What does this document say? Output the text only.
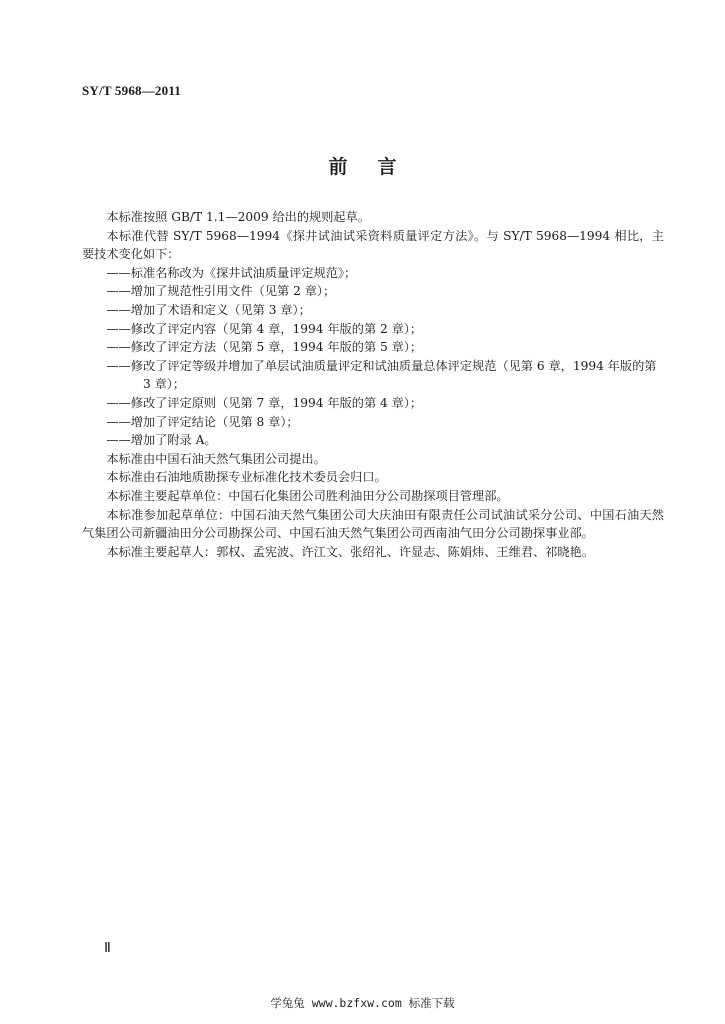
SY/T 5968—2011
前言

本标准按照 GB/T 1.1—2009 给出的规则起草。

本标准代替 SY/T 5968—1994《探井试油试采资料质量评定方法》。与 SY/T 5968—1994 相比，主要技术变化如下：

——标准名称改为《探井试油质量评定规范》；

——增加了规范性引用文件（见第 2 章）；

——增加了术语和定义（见第 3 章）；

——修改了评定内容（见第 4 章，1994 年版的第 2 章）；

——修改了评定方法（见第 5 章，1994 年版的第 5 章）；

——修改了评定等级并增加了单层试油质量评定和试油质量总体评定规范（见第 6 章，1994 年版的第 3 章）；

——修改了评定原则（见第 7 章，1994 年版的第 4 章）；

——增加了评定结论（见第 8 章）；

——增加了附录 A。

本标准由中国石油天然气集团公司提出。

本标准由石油地质勘探专业标准化技术委员会归口。

本标准主要起草单位：中国石化集团公司胜利油田分公司勘探项目管理部。

本标准参加起草单位：中国石油天然气集团公司大庆油田有限责任公司试油试采分公司、中国石油天然气集团公司新疆油田分公司勘探公司、中国石油天然气集团公司西南油气田分公司勘探事业部。

本标准主要起草人：郭权、孟宪波、许江文、张绍礼、许显志、陈娟炜、王维君、祁晓艳。

Ⅱ
学兔兔 www.bzfxw.com 标准下载
